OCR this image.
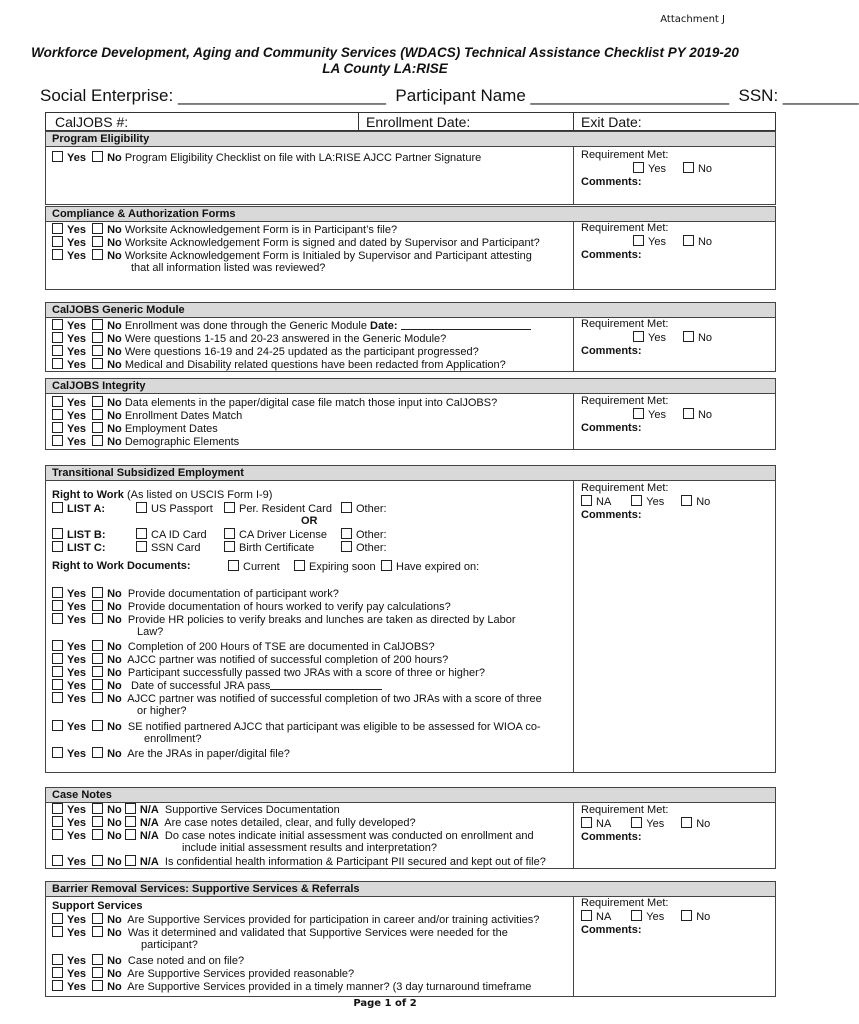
Attachment J
Workforce Development, Aging and Community Services (WDACS) Technical Assistance Checklist PY 2019-20
LA County LA:RISE
Social Enterprise: ______________________  Participant Name _____________________  SSN: ________
CalJOBS #:	Enrollment Date:	Exit Date:
Program Eligibility
Yes No Program Eligibility Checklist on file with LA:RISE AJCC Partner Signature	Requirement Met:
Yes	No
Comments:
Compliance & Authorization Forms
Yes No Worksite Acknowledgement Form is in Participant’s file?
Yes No Worksite Acknowledgement Form is signed and dated by Supervisor and Participant?
Yes No Worksite Acknowledgement Form is Initialed by Supervisor and Participant attesting
that all information listed was reviewed?
Requirement Met:
Yes	No
Comments:
CalJOBS Generic Module
Yes No Enrollment was done through the Generic Module Date:
Yes No Were questions 1-15 and 20-23 answered in the Generic Module?
Yes No Were questions 16-19 and 24-25 updated as the participant progressed?
Yes No Medical and Disability related questions have been redacted from Application?
Requirement Met:
Yes	No
Comments:
CalJOBS Integrity
Yes No Data elements in the paper/digital case file match those input into CalJOBS?
Yes No Enrollment Dates Match
Yes No Employment Dates
Yes No Demographic Elements
Requirement Met:
Yes	No
Comments:
Transitional Subsidized Employment
Right to Work (As listed on USCIS Form I-9)
LIST A:	US Passport	Per. Resident Card	Other:
OR
LIST B:	CA ID Card	CA Driver License	Other:
LIST C:	SSN Card	Birth Certificate	Other:
Right to Work Documents:	Current	Expiring soon	Have expired on:
Yes No Provide documentation of participant work?
Yes No Provide documentation of hours worked to verify pay calculations?
Yes No Provide HR policies to verify breaks and lunches are taken as directed by Labor
Law?
Yes No Completion of 200 Hours of TSE are documented in CalJOBS?
Yes No AJCC partner was notified of successful completion of 200 hours?
Yes No Participant successfully passed two JRAs with a score of three or higher?
Yes No Date of successful JRA pass
Yes No AJCC partner was notified of successful completion of two JRAs with a score of three
or higher?
Yes No SE notified partnered AJCC that participant was eligible to be assessed for WIOA co-
enrollment?
Yes No Are the JRAs in paper/digital file?
Requirement Met:
NA	Yes	No
Comments:
Case Notes
Yes No N/A Supportive Services Documentation
Yes No N/A Are case notes detailed, clear, and fully developed?
Yes No N/A Do case notes indicate initial assessment was conducted on enrollment and
include initial assessment results and interpretation?
Yes No N/A Is confidential health information & Participant PII secured and kept out of file?
Requirement Met:
NA	Yes	No
Comments:
Barrier Removal Services: Supportive Services & Referrals
Support Services
Yes No Are Supportive Services provided for participation in career and/or training activities?
Yes No Was it determined and validated that Supportive Services were needed for the
participant?
Yes No Case noted and on file?
Yes No Are Supportive Services provided reasonable?
Yes No Are Supportive Services provided in a timely manner? (3 day turnaround timeframe
Requirement Met:
NA	Yes	No
Comments:
Page 1 of 2
